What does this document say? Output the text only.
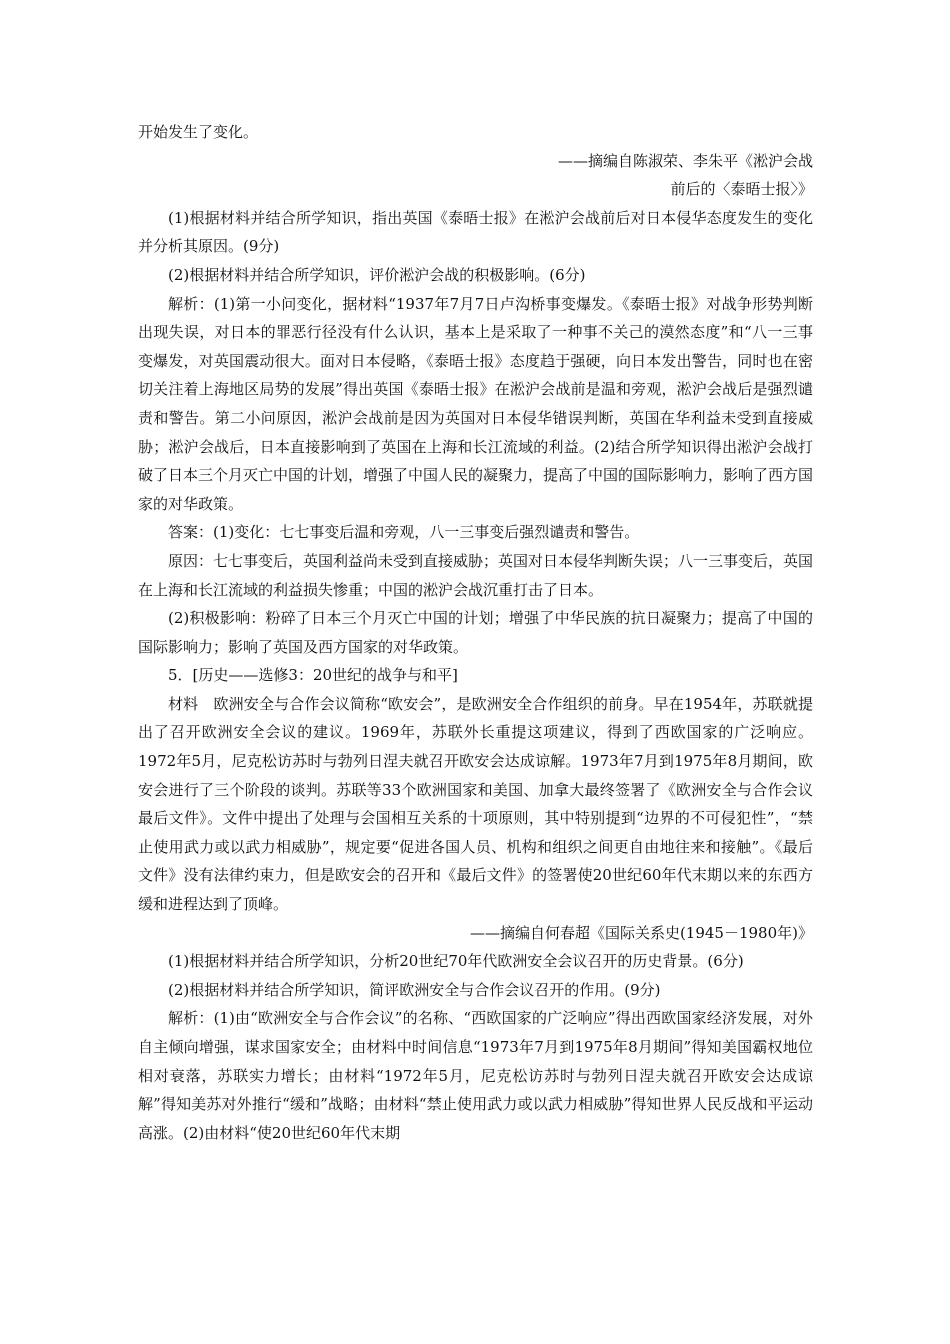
开始发生了变化。

——摘编自陈淑荣、李朱平《淞沪会战

前后的〈泰晤士报〉》

(1)根据材料并结合所学知识，指出英国《泰晤士报》在淞沪会战前后对日本侵华态度发生的变化并分析其原因。(9分)

(2)根据材料并结合所学知识，评价淞沪会战的积极影响。(6分)

解析：(1)第一小问变化，据材料“1937年7月7日卢沟桥事变爆发。《泰晤士报》对战争形势判断出现失误，对日本的罪恶行径没有什么认识，基本上是采取了一种事不关己的漠然态度”和“八一三事变爆发，对英国震动很大。面对日本侵略，《泰晤士报》态度趋于强硬，向日本发出警告，同时也在密切关注着上海地区局势的发展”得出英国《泰晤士报》在淞沪会战前是温和旁观，淞沪会战后是强烈谴责和警告。第二小问原因，淞沪会战前是因为英国对日本侵华错误判断，英国在华利益未受到直接威胁；淞沪会战后，日本直接影响到了英国在上海和长江流域的利益。(2)结合所学知识得出淞沪会战打破了日本三个月灭亡中国的计划，增强了中国人民的凝聚力，提高了中国的国际影响力，影响了西方国家的对华政策。

答案：(1)变化：七七事变后温和旁观，八一三事变后强烈谴责和警告。

原因：七七事变后，英国利益尚未受到直接威胁；英国对日本侵华判断失误；八一三事变后，英国在上海和长江流域的利益损失惨重；中国的淞沪会战沉重打击了日本。

(2)积极影响：粉碎了日本三个月灭亡中国的计划；增强了中华民族的抗日凝聚力；提高了中国的国际影响力；影响了英国及西方国家的对华政策。

5．[历史——选修3：20世纪的战争与和平]

材料　欧洲安全与合作会议简称“欧安会”，是欧洲安全合作组织的前身。早在1954年，苏联就提出了召开欧洲安全会议的建议。1969年，苏联外长重提这项建议，得到了西欧国家的广泛响应。1972年5月，尼克松访苏时与勃列日涅夫就召开欧安会达成谅解。1973年7月到1975年8月期间，欧安会进行了三个阶段的谈判。苏联等33个欧洲国家和美国、加拿大最终签署了《欧洲安全与合作会议最后文件》。文件中提出了处理与会国相互关系的十项原则，其中特别提到“边界的不可侵犯性”，“禁止使用武力或以武力相威胁”，规定要“促进各国人员、机构和组织之间更自由地往来和接触”。《最后文件》没有法律约束力，但是欧安会的召开和《最后文件》的签署使20世纪60年代末期以来的东西方缓和进程达到了顶峰。

——摘编自何春超《国际关系史(1945－1980年)》

(1)根据材料并结合所学知识，分析20世纪70年代欧洲安全会议召开的历史背景。(6分)

(2)根据材料并结合所学知识，简评欧洲安全与合作会议召开的作用。(9分)

解析：(1)由“欧洲安全与合作会议”的名称、“西欧国家的广泛响应”得出西欧国家经济发展，对外自主倾向增强，谋求国家安全；由材料中时间信息“1973年7月到1975年8月期间”得知美国霸权地位相对衰落，苏联实力增长；由材料“1972年5月，尼克松访苏时与勃列日涅夫就召开欧安会达成谅解”得知美苏对外推行“缓和”战略；由材料“禁止使用武力或以武力相威胁”得知世界人民反战和平运动高涨。(2)由材料“使20世纪60年代末期
